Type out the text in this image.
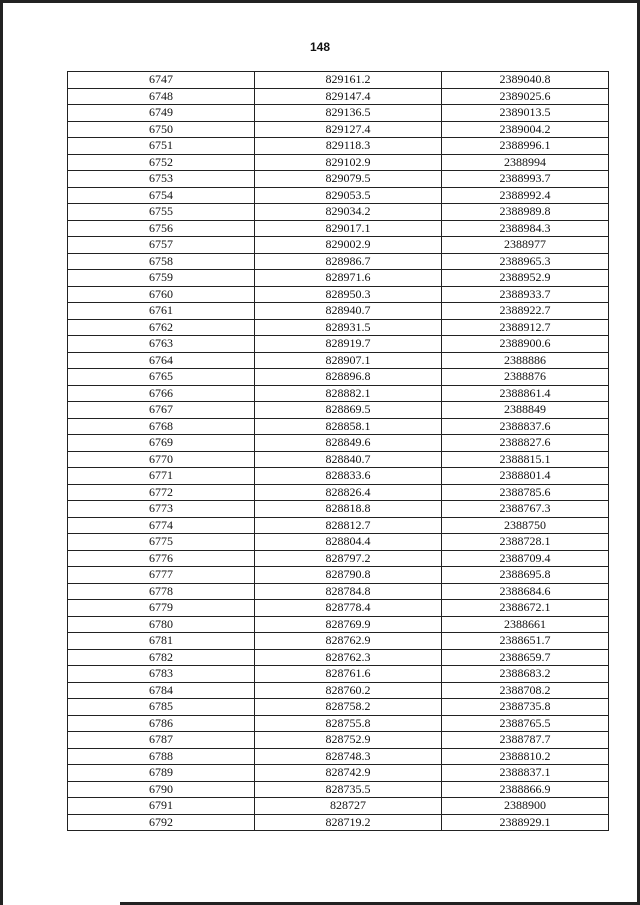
148
6747	829161.2	2389040.8
6748	829147.4	2389025.6
6749	829136.5	2389013.5
6750	829127.4	2389004.2
6751	829118.3	2388996.1
6752	829102.9	2388994
6753	829079.5	2388993.7
6754	829053.5	2388992.4
6755	829034.2	2388989.8
6756	829017.1	2388984.3
6757	829002.9	2388977
6758	828986.7	2388965.3
6759	828971.6	2388952.9
6760	828950.3	2388933.7
6761	828940.7	2388922.7
6762	828931.5	2388912.7
6763	828919.7	2388900.6
6764	828907.1	2388886
6765	828896.8	2388876
6766	828882.1	2388861.4
6767	828869.5	2388849
6768	828858.1	2388837.6
6769	828849.6	2388827.6
6770	828840.7	2388815.1
6771	828833.6	2388801.4
6772	828826.4	2388785.6
6773	828818.8	2388767.3
6774	828812.7	2388750
6775	828804.4	2388728.1
6776	828797.2	2388709.4
6777	828790.8	2388695.8
6778	828784.8	2388684.6
6779	828778.4	2388672.1
6780	828769.9	2388661
6781	828762.9	2388651.7
6782	828762.3	2388659.7
6783	828761.6	2388683.2
6784	828760.2	2388708.2
6785	828758.2	2388735.8
6786	828755.8	2388765.5
6787	828752.9	2388787.7
6788	828748.3	2388810.2
6789	828742.9	2388837.1
6790	828735.5	2388866.9
6791	828727	2388900
6792	828719.2	2388929.1
